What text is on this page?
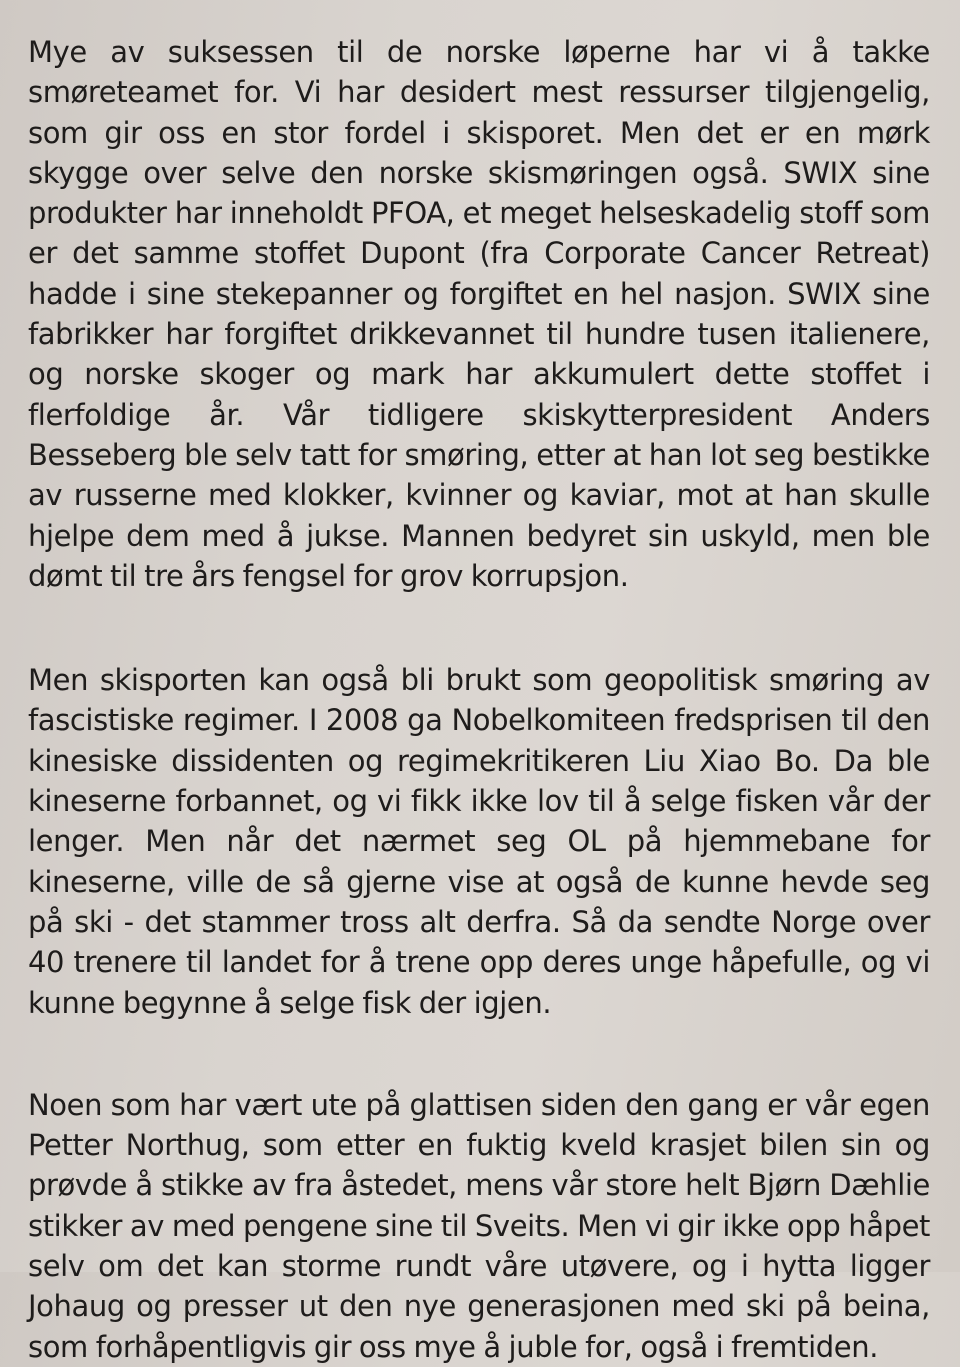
Mye av suksessen til de norske løperne har vi å takke smøreteamet for. Vi har desidert mest ressurser tilgjengelig, som gir oss en stor fordel i skisporet. Men det er en mørk skygge over selve den norske skismøringen også. SWIX sine produkter har inneholdt PFOA, et meget helseskadelig stoff som er det samme stoffet Dupont (fra Corporate Cancer Retreat) hadde i sine stekepanner og forgiftet en hel nasjon. SWIX sine fabrikker har forgiftet drikkevannet til hundre tusen italienere, og norske skoger og mark har akkumulert dette stoffet i flerfoldige år. Vår tidligere skiskytterpresident Anders Besseberg ble selv tatt for smøring, etter at han lot seg bestikke av russerne med klokker, kvinner og kaviar, mot at han skulle hjelpe dem med å jukse. Mannen bedyret sin uskyld, men ble dømt til tre års fengsel for grov korrupsjon.

Men skisporten kan også bli brukt som geopolitisk smøring av fascistiske regimer. I 2008 ga Nobelkomiteen fredsprisen til den kinesiske dissidenten og regimekritikeren Liu Xiao Bo. Da ble kineserne forbannet, og vi fikk ikke lov til å selge fisken vår der lenger. Men når det nærmet seg OL på hjemmebane for kineserne, ville de så gjerne vise at også de kunne hevde seg på ski - det stammer tross alt derfra. Så da sendte Norge over 40 trenere til landet for å trene opp deres unge håpefulle, og vi kunne begynne å selge fisk der igjen.

Noen som har vært ute på glattisen siden den gang er vår egen Petter Northug, som etter en fuktig kveld krasjet bilen sin og prøvde å stikke av fra åstedet, mens vår store helt Bjørn Dæhlie stikker av med pengene sine til Sveits. Men vi gir ikke opp håpet selv om det kan storme rundt våre utøvere, og i hytta ligger Johaug og presser ut den nye generasjonen med ski på beina, som forhåpentligvis gir oss mye å juble for, også i fremtiden.
